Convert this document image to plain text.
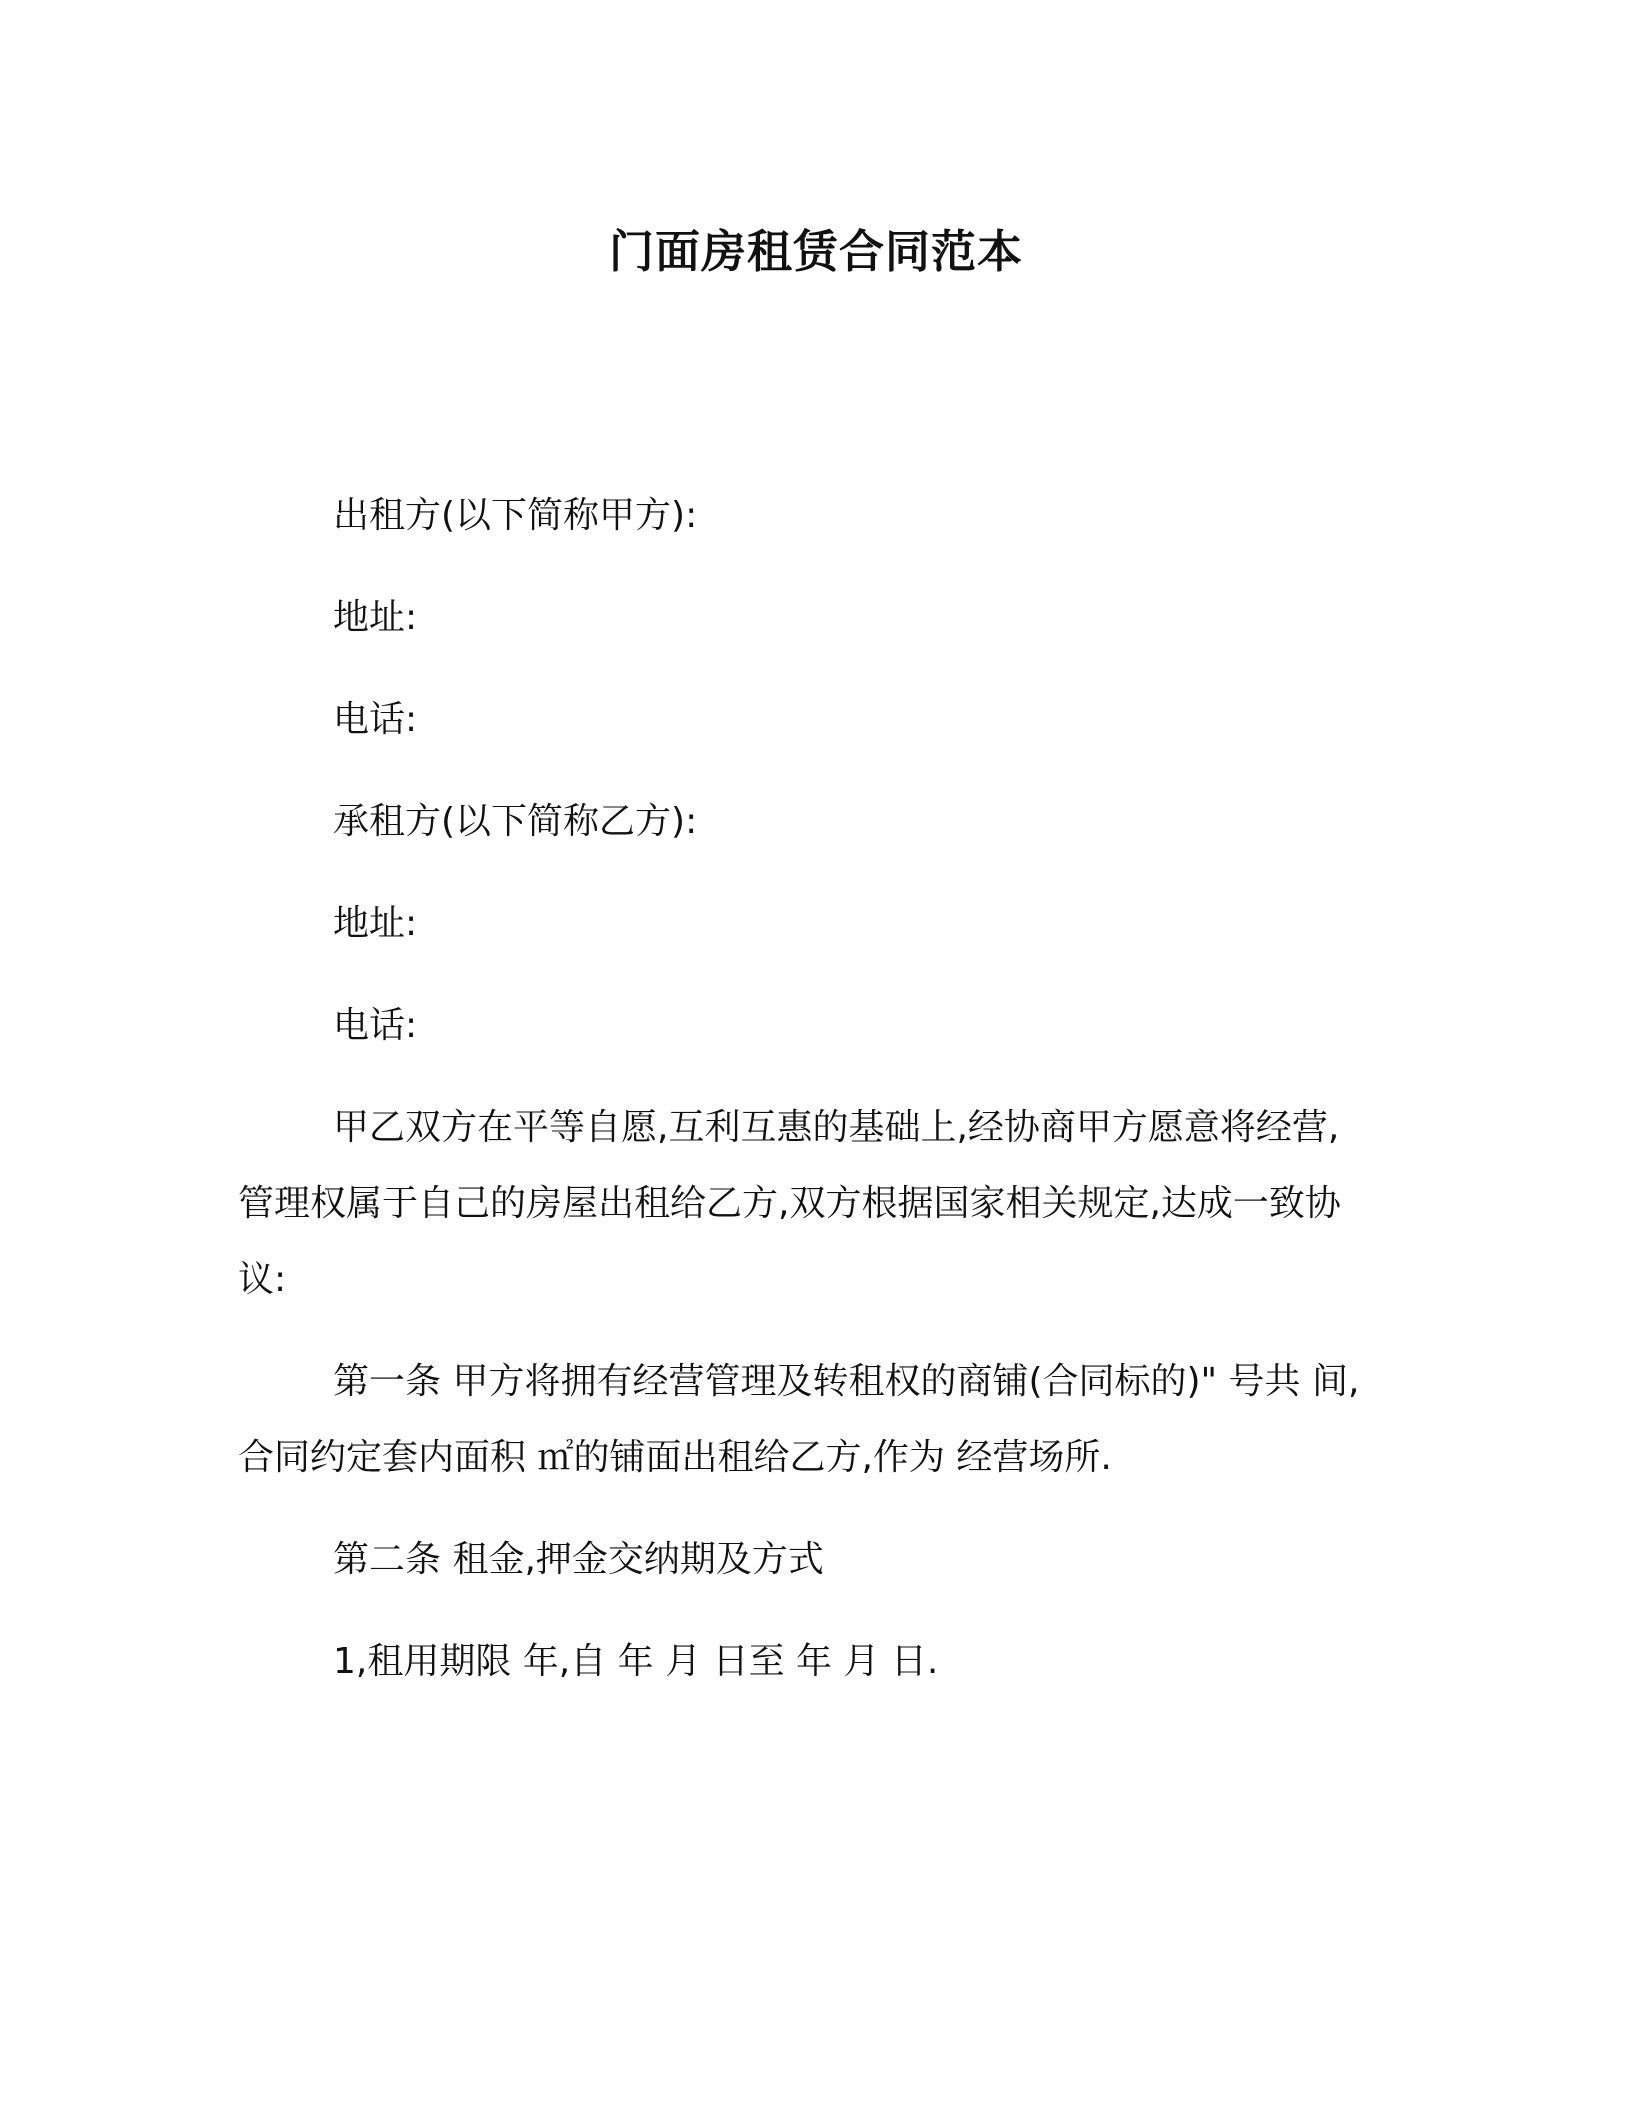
门面房租赁合同范本
出租方(以下简称甲方):
地址:
电话:
承租方(以下简称乙方):
地址:
电话:
甲乙双方在平等自愿,互利互惠的基础上,经协商甲方愿意将经营,
管理权属于自己的房屋出租给乙方,双方根据国家相关规定,达成一致协
议:
第一条 甲方将拥有经营管理及转租权的商铺(合同标的)" 号共 间,
合同约定套内面积 ㎡的铺面出租给乙方,作为 经营场所.
第二条 租金,押金交纳期及方式
1,租用期限 年,自 年 月 日至 年 月 日.
